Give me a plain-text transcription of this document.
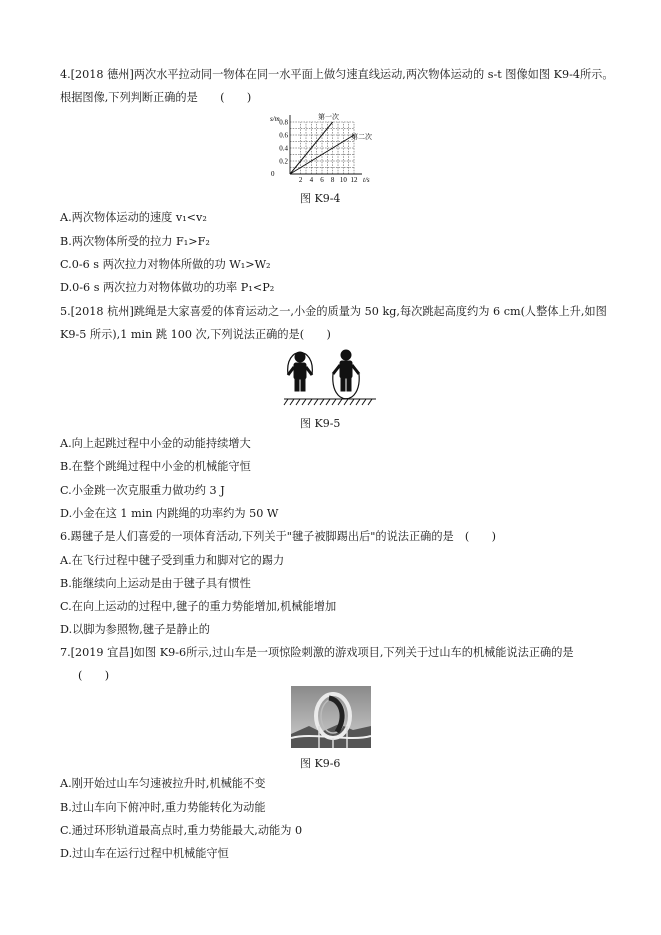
4.[2018 德州]两次水平拉动同一物体在同一水平面上做匀速直线运动,两次物体运动的 s-t 图像如图 K9-4所示。
根据图像,下列判断正确的是　　(　　)
2 4 6 8 10 12
0.8
0.6
0.4
0.2
s/m
t/s
0
第一次
第二次
图 K9-4
A.两次物体运动的速度 v₁<v₂
B.两次物体所受的拉力 F₁>F₂
C.0-6 s 两次拉力对物体所做的功 W₁>W₂
D.0-6 s 两次拉力对物体做功的功率 P₁<P₂
5.[2018 杭州]跳绳是大家喜爱的体育运动之一,小金的质量为 50 kg,每次跳起高度约为 6 cm(人整体上升,如图
K9-5 所示),1 min 跳 100 次,下列说法正确的是(　　)
图 K9-5
A.向上起跳过程中小金的动能持续增大
B.在整个跳绳过程中小金的机械能守恒
C.小金跳一次克服重力做功约 3 J
D.小金在这 1 min 内跳绳的功率约为 50 W
6.踢毽子是人们喜爱的一项体育活动,下列关于"毽子被脚踢出后"的说法正确的是　(　　)
A.在飞行过程中毽子受到重力和脚对它的踢力
B.能继续向上运动是由于毽子具有惯性
C.在向上运动的过程中,毽子的重力势能增加,机械能增加
D.以脚为参照物,毽子是静止的
7.[2019 宜昌]如图 K9-6所示,过山车是一项惊险刺激的游戏项目,下列关于过山车的机械能说法正确的是
(　　)
图 K9-6
A.刚开始过山车匀速被拉升时,机械能不变
B.过山车向下俯冲时,重力势能转化为动能
C.通过环形轨道最高点时,重力势能最大,动能为 0
D.过山车在运行过程中机械能守恒
